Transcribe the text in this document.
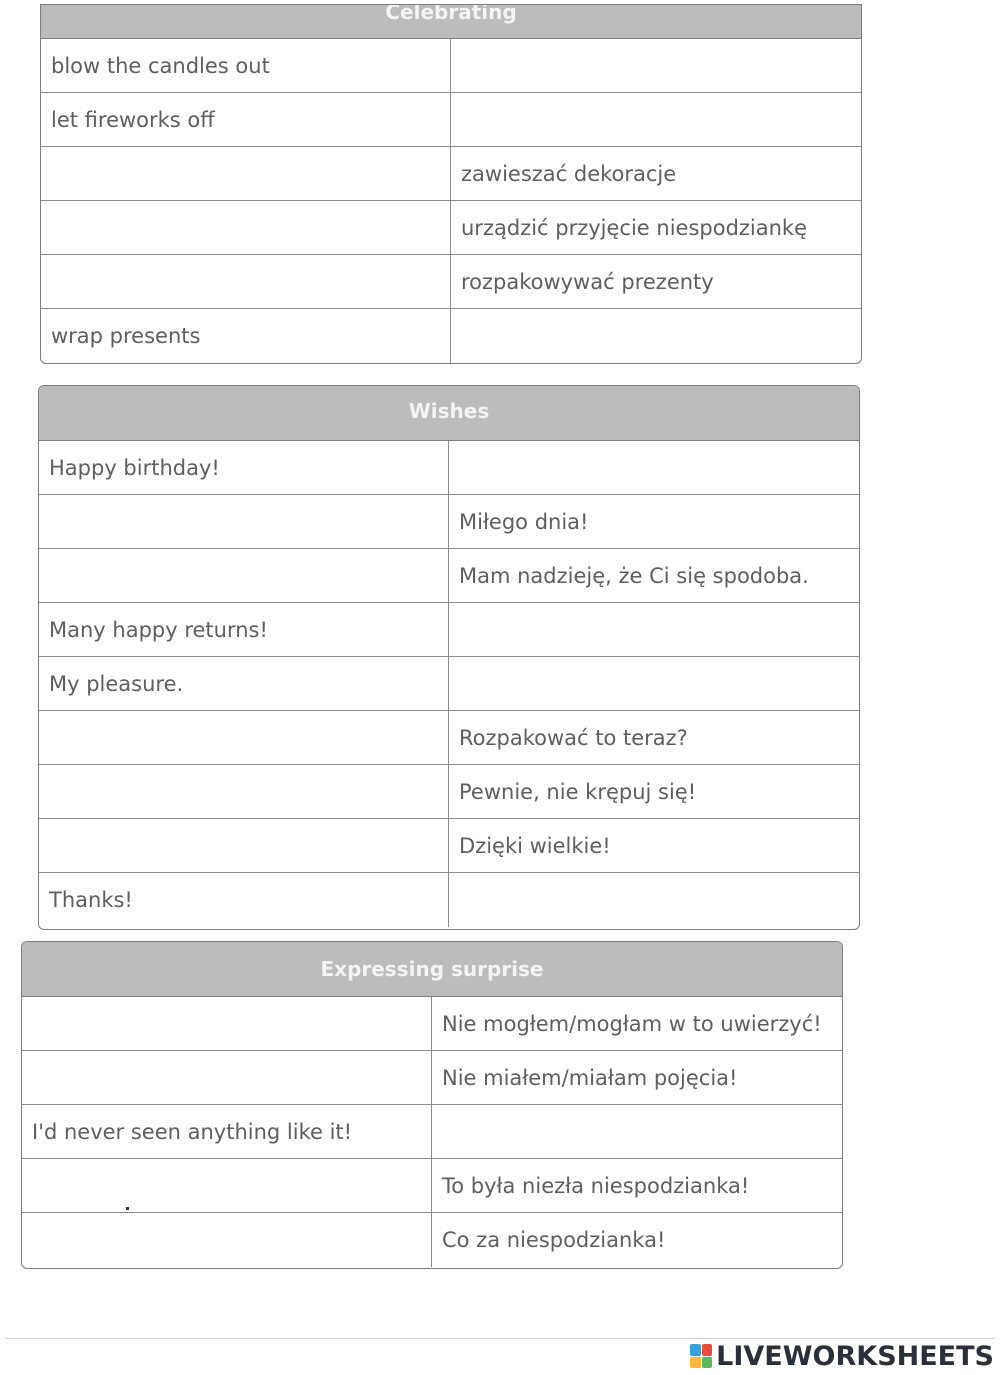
Celebrating
blow the candles out
let fireworks off
zawieszać dekoracje
urządzić przyjęcie niespodziankę
rozpakowywać prezenty
wrap presents
Wishes
Happy birthday!
Miłego dnia!
Mam nadzieję, że Ci się spodoba.
Many happy returns!
My pleasure.
Rozpakować to teraz?
Pewnie, nie krępuj się!
Dzięki wielkie!
Thanks!
Expressing surprise
Nie mogłem/mogłam w to uwierzyć!
Nie miałem/miałam pojęcia!
I'd never seen anything like it!
To była niezła niespodzianka!
Co za niespodzianka!
LIVEWORKSHEETS
